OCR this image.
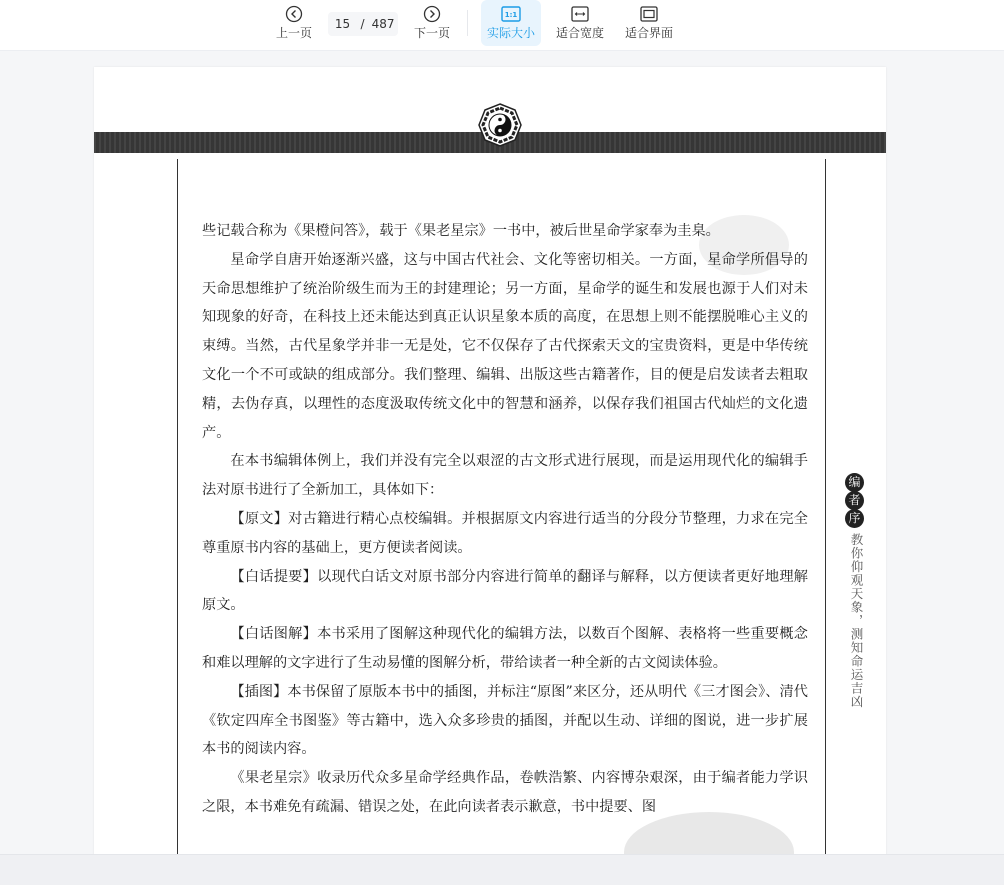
上一页
15 / 487
下一页
1:1
实际大小 适合宽度 适合界面

些记载合称为《果橙问答》，载于《果老星宗》一书中，被后世星命学家奉为圭臬。

星命学自唐开始逐渐兴盛，这与中国古代社会、文化等密切相关。一方面，星命学所倡导的天命思想维护了统治阶级生而为王的封建理论；另一方面，星命学的诞生和发展也源于人们对未知现象的好奇，在科技上还未能达到真正认识星象本质的高度，在思想上则不能摆脱唯心主义的束缚。当然，古代星象学并非一无是处，它不仅保存了古代探索天文的宝贵资料，更是中华传统文化一个不可或缺的组成部分。我们整理、编辑、出版这些古籍著作，目的便是启发读者去粗取精，去伪存真，以理性的态度汲取传统文化中的智慧和涵养，以保存我们祖国古代灿烂的文化遗产。

在本书编辑体例上，我们并没有完全以艰涩的古文形式进行展现，而是运用现代化的编辑手法对原书进行了全新加工，具体如下：

【原文】对古籍进行精心点校编辑。并根据原文内容进行适当的分段分节整理，力求在完全尊重原书内容的基础上，更方便读者阅读。

【白话提要】以现代白话文对原书部分内容进行简单的翻译与解释，以方便读者更好地理解原文。

【白话图解】本书采用了图解这种现代化的编辑方法，以数百个图解、表格将一些重要概念和难以理解的文字进行了生动易懂的图解分析，带给读者一种全新的古文阅读体验。

【插图】本书保留了原版本书中的插图，并标注“原图”来区分，还从明代《三才图会》、清代《钦定四库全书图鉴》等古籍中，选入众多珍贵的插图，并配以生动、详细的图说，进一步扩展本书的阅读内容。

《果老星宗》收录历代众多星命学经典作品，卷帙浩繁、内容博杂艰深，由于编者能力学识之限，本书难免有疏漏、错误之处，在此向读者表示歉意，书中提要、图

编
者
序
教你仰观天象，测知命运吉凶
